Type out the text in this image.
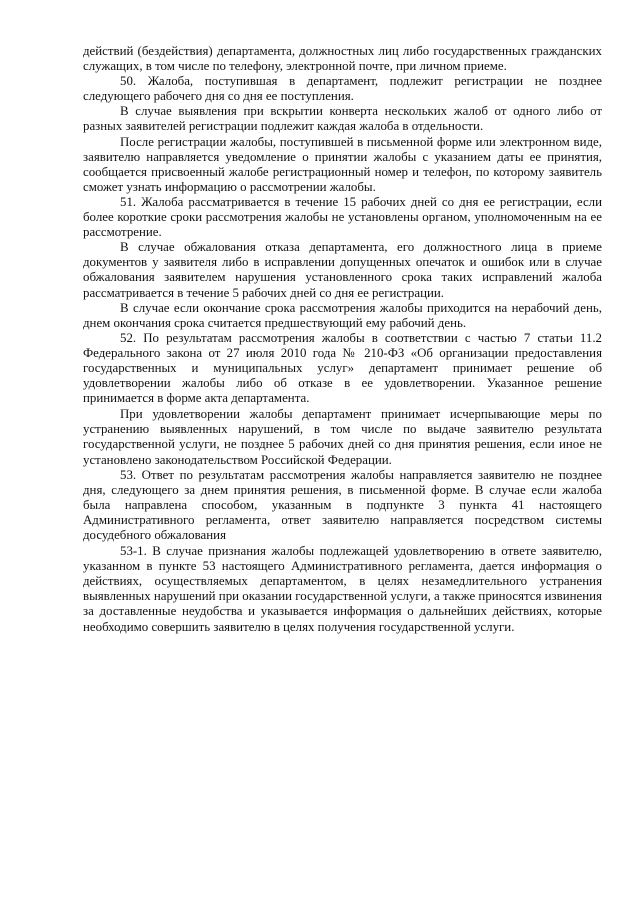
действий (бездействия) департамента, должностных лиц либо государственных гражданских служащих, в том числе по телефону, электронной почте, при личном приеме.

50. Жалоба, поступившая в департамент, подлежит регистрации не позднее следующего рабочего дня со дня ее поступления.

В случае выявления при вскрытии конверта нескольких жалоб от одного либо от разных заявителей регистрации подлежит каждая жалоба в отдельности.

После регистрации жалобы, поступившей в письменной форме или электронном виде, заявителю направляется уведомление о принятии жалобы с указанием даты ее принятия, сообщается присвоенный жалобе регистрационный номер и телефон, по которому заявитель сможет узнать информацию о рассмотрении жалобы.

51. Жалоба рассматривается в течение 15 рабочих дней со дня ее регистрации, если более короткие сроки рассмотрения жалобы не установлены органом, уполномоченным на ее рассмотрение.

В случае обжалования отказа департамента, его должностного лица в приеме документов у заявителя либо в исправлении допущенных опечаток и ошибок или в случае обжалования заявителем нарушения установленного срока таких исправлений жалоба рассматривается в течение 5 рабочих дней со дня ее регистрации.

В случае если окончание срока рассмотрения жалобы приходится на нерабочий день, днем окончания срока считается предшествующий ему рабочий день.

52. По результатам рассмотрения жалобы в соответствии с частью 7 статьи 11.2 Федерального закона от 27 июля 2010 года № 210-ФЗ «Об организации предоставления государственных и муниципальных услуг» департамент принимает решение об удовлетворении жалобы либо об отказе в ее удовлетворении. Указанное решение принимается в форме акта департамента.

При удовлетворении жалобы департамент принимает исчерпывающие меры по устранению выявленных нарушений, в том числе по выдаче заявителю результата государственной услуги, не позднее 5 рабочих дней со дня принятия решения, если иное не установлено законодательством Российской Федерации.

53. Ответ по результатам рассмотрения жалобы направляется заявителю не позднее дня, следующего за днем принятия решения, в письменной форме. В случае если жалоба была направлена способом, указанным в подпункте 3 пункта 41 настоящего Административного регламента, ответ заявителю направляется посредством системы досудебного обжалования

53-1. В случае признания жалобы подлежащей удовлетворению в ответе заявителю, указанном в пункте 53 настоящего Административного регламента, дается информация о действиях, осуществляемых департаментом, в целях незамедлительного устранения выявленных нарушений при оказании государственной услуги, а также приносятся извинения за доставленные неудобства и указывается информация о дальнейших действиях, которые необходимо совершить заявителю в целях получения государственной услуги.
